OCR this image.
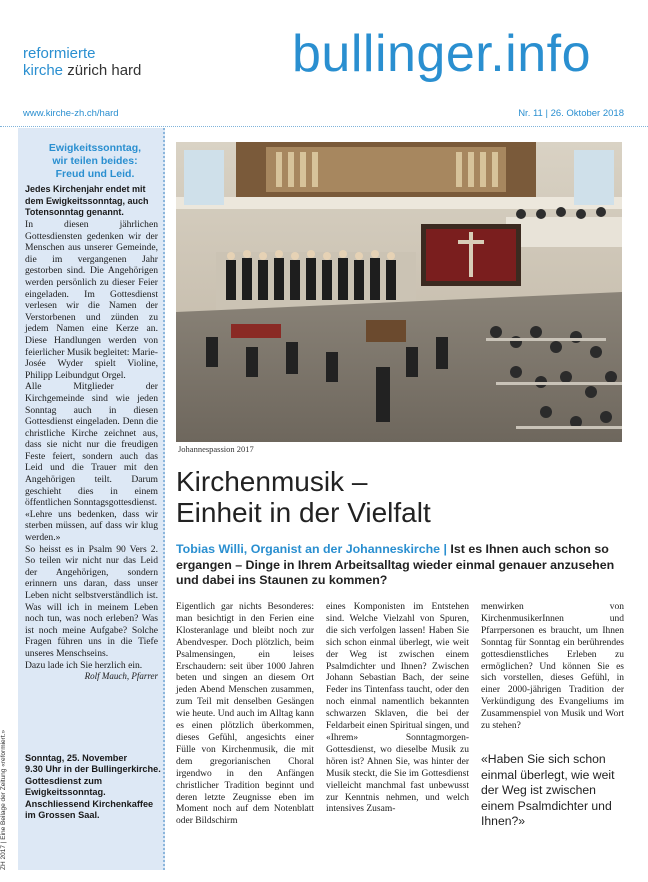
reformierte
kirche zürich hard	bullinger.info
www.kirche-zh.ch/hard	Nr. 11 | 26. Oktober 2018
Ewigkeitssonntag,
wir teilen beides:
Freud und Leid.
Jedes Kirchenjahr endet mit dem Ewigkeitssonntag, auch Totensonntag genannt.

In diesen jährlichen Gottesdiensten gedenken wir der Menschen aus unserer Gemeinde, die im vergangenen Jahr gestorben sind. Die Angehörigen werden persönlich zu dieser Feier eingeladen. Im Gottesdienst verlesen wir die Namen der Verstorbenen und zünden zu jedem Namen eine Kerze an. Diese Handlungen werden von feierlicher Musik begleitet: Marie-Josée Wyder spielt Violine, Philipp Leibundgut Orgel.

Alle Mitglieder der Kirchgemeinde sind wie jeden Sonntag auch in diesen Gottesdienst eingeladen. Denn die christliche Kirche zeichnet aus, dass sie nicht nur die freudigen Feste feiert, sondern auch das Leid und die Trauer mit den Angehörigen teilt. Darum geschieht dies in einem öffentlichen Sonntagsgottesdienst.

«Lehre uns bedenken, dass wir sterben müssen, auf dass wir klug werden.»

So heisst es in Psalm 90 Vers 2. So teilen wir nicht nur das Leid der Angehörigen, sondern erinnern uns daran, dass unser Leben nicht selbstverständlich ist. Was will ich in meinem Leben noch tun, was noch erleben? Was ist noch meine Aufgabe? Solche Fragen führen uns in die Tiefe unseres Menschseins.

Dazu lade ich Sie herzlich ein.

Rolf Mauch, Pfarrer
Sonntag, 25. November
9.30 Uhr in der Bullingerkirche.
Gottesdienst zum
Ewigkeitssonntag.
Anschliessend Kirchenkaffee
im Grossen Saal.
ZH 2017 | Eine Beilage der Zeitung «reformiert.»
Johannespassion 2017
Kirchenmusik –
Einheit in der Vielfalt
Tobias Willi, Organist an der Johanneskirche | Ist es Ihnen auch schon so ergangen – Dinge in Ihrem Arbeitsalltag wieder einmal genauer anzusehen und dabei ins Staunen zu kommen?
Eigentlich gar nichts Besonderes: man besichtigt in den Ferien eine Klosteranlage und bleibt noch zur Abendvesper. Doch plötzlich, beim Psalmensingen, ein leises Erschaudern: seit über 1000 Jahren beten und singen an diesem Ort jeden Abend Menschen zusammen, zum Teil mit denselben Gesängen wie heute. Und auch im Alltag kann es einen plötzlich überkommen, dieses Gefühl, angesichts einer Fülle von Kirchenmusik, die mit dem gregorianischen Choral irgendwo in den Anfängen christlicher Tradition beginnt und deren letzte Zeugnisse eben im Moment noch auf dem Notenblatt oder Bildschirm
eines Komponisten im Entstehen sind. Welche Vielzahl von Spuren, die sich verfolgen lassen! Haben Sie sich schon einmal überlegt, wie weit der Weg ist zwischen einem Psalmdichter und Ihnen? Zwischen Johann Sebastian Bach, der seine Feder ins Tintenfass taucht, oder den noch einmal namentlich bekannten schwarzen Sklaven, die bei der Feldarbeit einen Spiritual singen, und «Ihrem» Sonntagmorgen-Gottesdienst, wo dieselbe Musik zu hören ist? Ahnen Sie, was hinter der Musik steckt, die Sie im Gottesdienst vielleicht manchmal fast unbewusst zur Kenntnis nehmen, und welch intensives Zusam-
menwirken von KirchenmusikerInnen und Pfarrpersonen es braucht, um Ihnen Sonntag für Sonntag ein berührendes gottesdienstliches Erleben zu ermöglichen? Und können Sie es sich vorstellen, dieses Gefühl, in einer 2000-jährigen Tradition der Verkündigung des Evangeliums im Zusammenspiel von Musik und Wort zu stehen?
«Haben Sie sich schon einmal überlegt, wie weit der Weg ist zwischen einem Psalmdichter und Ihnen?»
